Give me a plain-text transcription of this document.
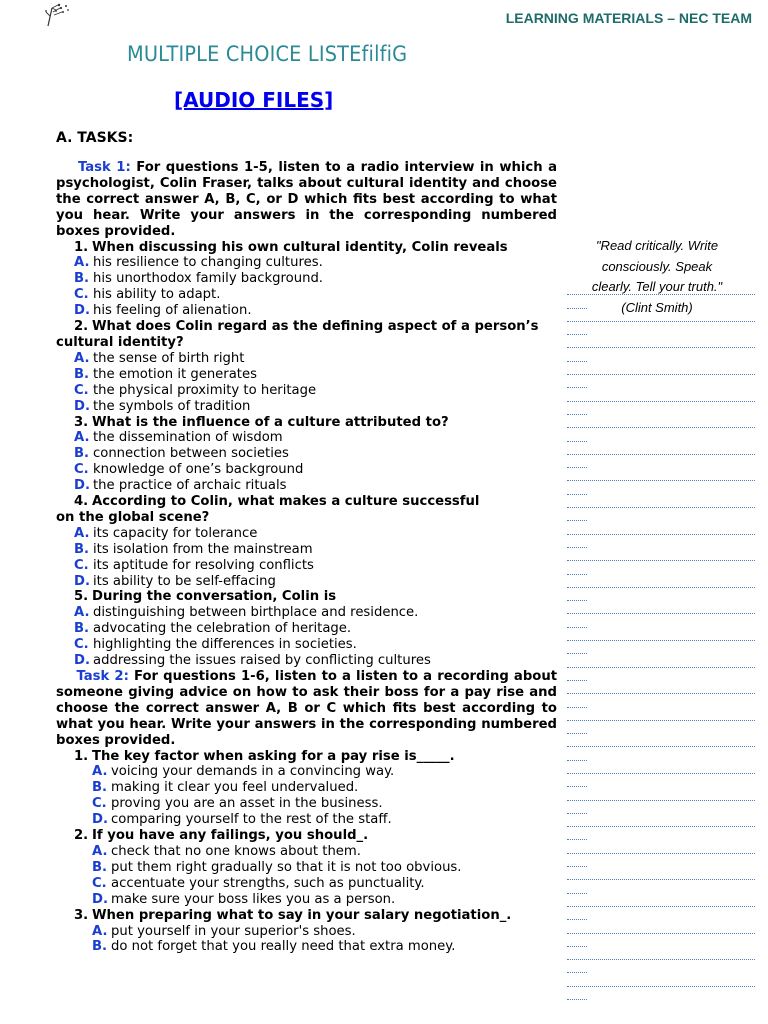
LEARNING MATERIALS – NEC TEAM
MULTIPLE CHOICE LISTEfilfiG
[AUDIO FILES]
A. TASKS:
Task 1: For questions 1-5, listen to a radio interview in which a psychologist, Colin Fraser, talks about cultural identity and choose the correct answer A, B, C, or D which fits best according to what you hear. Write your answers in the corresponding numbered boxes provided.
1. When discussing his own cultural identity, Colin reveals
A. his resilience to changing cultures.
B. his unorthodox family background.
C. his ability to adapt.
D. his feeling of alienation.
2. What does Colin regard as the defining aspect of a person’s
cultural identity?
A. the sense of birth right
B. the emotion it generates
C. the physical proximity to heritage
D. the symbols of tradition
3. What is the influence of a culture attributed to?
A. the dissemination of wisdom
B. connection between societies
C. knowledge of one’s background
D. the practice of archaic rituals
4. According to Colin, what makes a culture successful
on the global scene?
A. its capacity for tolerance
B. its isolation from the mainstream
C. its aptitude for resolving conflicts
D. its ability to be self-effacing
5. During the conversation, Colin is
A. distinguishing between birthplace and residence.
B. advocating the celebration of heritage.
C. highlighting the differences in societies.
D. addressing the issues raised by conflicting cultures
Task 2: For questions 1-6, listen to a listen to a recording about someone giving advice on how to ask their boss for a pay rise and choose the correct answer A, B or C which fits best according to what you hear. Write your answers in the corresponding numbered boxes provided.
1. The key factor when asking for a pay rise is_____.
A. voicing your demands in a convincing way.
B. making it clear you feel undervalued.
C. proving you are an asset in the business.
D. comparing yourself to the rest of the staff.
2. If you have any failings, you should_.
A. check that no one knows about them.
B. put them right gradually so that it is not too obvious.
C. accentuate your strengths, such as punctuality.
D. make sure your boss likes you as a person.
3. When preparing what to say in your salary negotiation_.
A. put yourself in your superior's shoes.
B. do not forget that you really need that extra money.
"Read critically. Write consciously. Speak clearly. Tell your truth." (Clint Smith)
